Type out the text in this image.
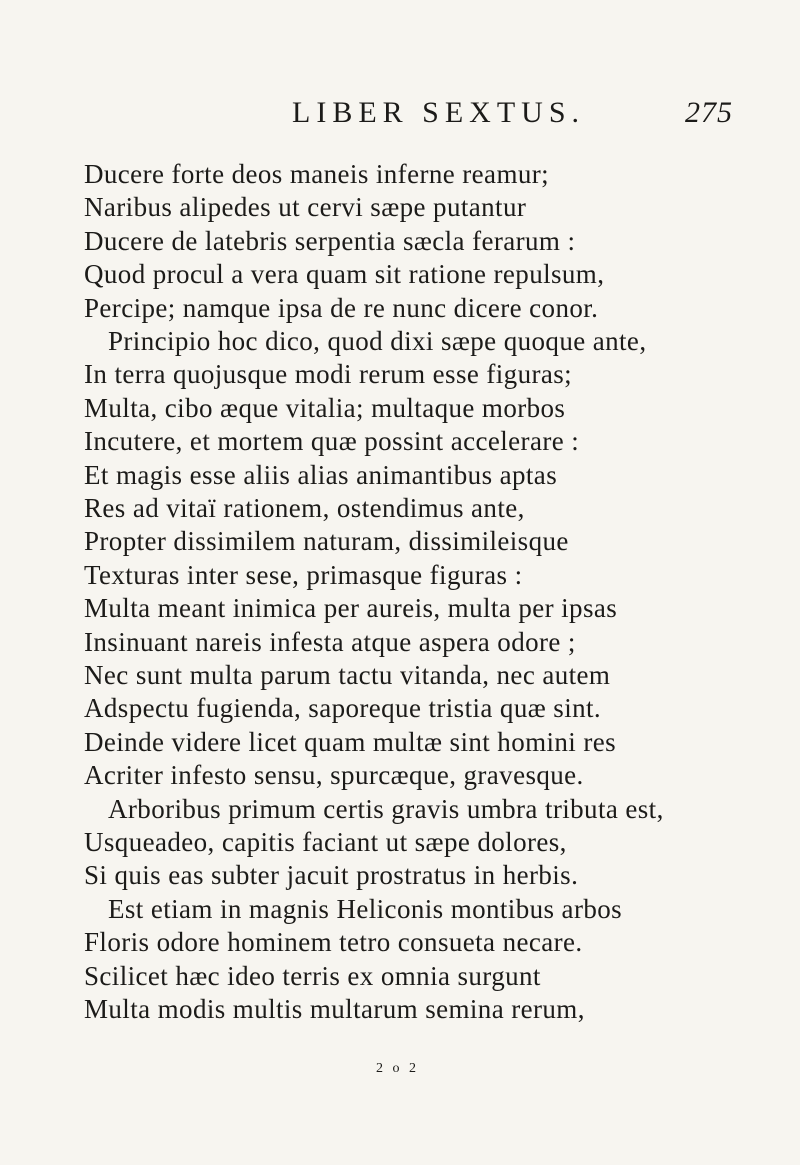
LIBER SEXTUS.	275
Ducere forte deos maneis inferne reamur;
Naribus alipedes ut cervi sæpe putantur
Ducere de latebris serpentia sæcla ferarum :
Quod procul a vera quam sit ratione repulsum,
Percipe; namque ipsa de re nunc dicere conor.
Principio hoc dico, quod dixi sæpe quoque ante,
In terra quojusque modi rerum esse figuras;
Multa, cibo æque vitalia; multaque morbos
Incutere, et mortem quæ possint accelerare :
Et magis esse aliis alias animantibus aptas
Res ad vitaï rationem, ostendimus ante,
Propter dissimilem naturam, dissimileisque
Texturas inter sese, primasque figuras :
Multa meant inimica per aureis, multa per ipsas
Insinuant nareis infesta atque aspera odore ;
Nec sunt multa parum tactu vitanda, nec autem
Adspectu fugienda, saporeque tristia quæ sint.
Deinde videre licet quam multæ sint homini res
Acriter infesto sensu, spurcæque, gravesque.
Arboribus primum certis gravis umbra tributa est,
Usqueadeo, capitis faciant ut sæpe dolores,
Si quis eas subter jacuit prostratus in herbis.
Est etiam in magnis Heliconis montibus arbos
Floris odore hominem tetro consueta necare.
Scilicet hæc ideo terris ex omnia surgunt
Multa modis multis multarum semina rerum,
2 o 2
